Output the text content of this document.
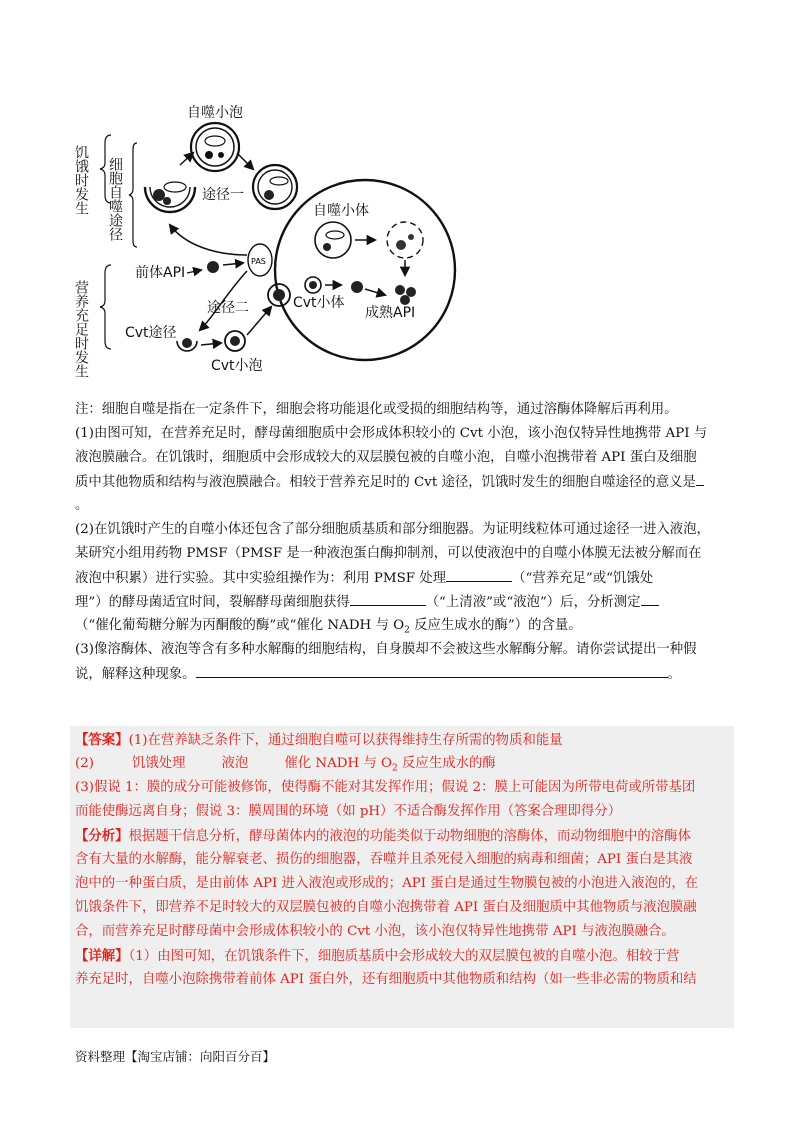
饥饿时发生 细胞自噬途径
营养充足时发生
自噬小泡
途径一
自噬小体
成熟API
Cvt小体
PAS
前体API
Cvt途径
途径二
Cvt小泡
注：细胞自噬是指在一定条件下，细胞会将功能退化或受损的细胞结构等，通过溶酶体降解后再利用。
(1)由图可知，在营养充足时，酵母菌细胞质中会形成体积较小的 Cvt 小泡，该小泡仅特异性地携带 API 与
液泡膜融合。在饥饿时，细胞质中会形成较大的双层膜包被的自噬小泡，自噬小泡携带着 API 蛋白及细胞
质中其他物质和结构与液泡膜融合。相较于营养充足时的 Cvt 途径，饥饿时发生的细胞自噬途径的意义是
。
(2)在饥饿时产生的自噬小体还包含了部分细胞质基质和部分细胞器。为证明线粒体可通过途径一进入液泡，
某研究小组用药物 PMSF（PMSF 是一种液泡蛋白酶抑制剂，可以使液泡中的自噬小体膜无法被分解而在
液泡中积累）进行实验。其中实验组操作为：利用 PMSF 处理	（“营养充足”或“饥饿处
理”）的酵母菌适宜时间，裂解酵母菌细胞获得	（“上清液”或“液泡”）后，分析测定
（“催化葡萄糖分解为丙酮酸的酶”或“催化 NADH 与 $O_2$ 反应生成水的酶”）的含量。
(3)像溶酶体、液泡等含有多种水解酶的细胞结构，自身膜却不会被这些水解酶分解。请你尝试提出一种假
说，解释这种现象。	。
【答案】(1)在营养缺乏条件下，通过细胞自噬可以获得维持生存所需的物质和能量
(2)	饥饿处理	液泡	催化 NADH 与 $O_2$ 反应生成水的酶
(3)假说 1：膜的成分可能被修饰，使得酶不能对其发挥作用；假说 2：膜上可能因为所带电荷或所带基团
而能使酶远离自身；假说 3：膜周围的环境（如 pH）不适合酶发挥作用（答案合理即得分）
【分析】根据题干信息分析，酵母菌体内的液泡的功能类似于动物细胞的溶酶体，而动物细胞中的溶酶体
含有大量的水解酶，能分解衰老、损伤的细胞器，吞噬并且杀死侵入细胞的病毒和细菌；API 蛋白是其液
泡中的一种蛋白质，是由前体 API 进入液泡或形成的；API 蛋白是通过生物膜包被的小泡进入液泡的，在
饥饿条件下，即营养不足时较大的双层膜包被的自噬小泡携带着 API 蛋白及细胞质中其他物质与液泡膜融
合，而营养充足时酵母菌中会形成体积较小的 Cvt 小泡，该小泡仅特异性地携带 API 与液泡膜融合。
【详解】（1）由图可知，在饥饿条件下，细胞质基质中会形成较大的双层膜包被的自噬小泡。相较于营
养充足时，自噬小泡除携带着前体 API 蛋白外，还有细胞质中其他物质和结构（如一些非必需的物质和结
资料整理【淘宝店铺：向阳百分百】
